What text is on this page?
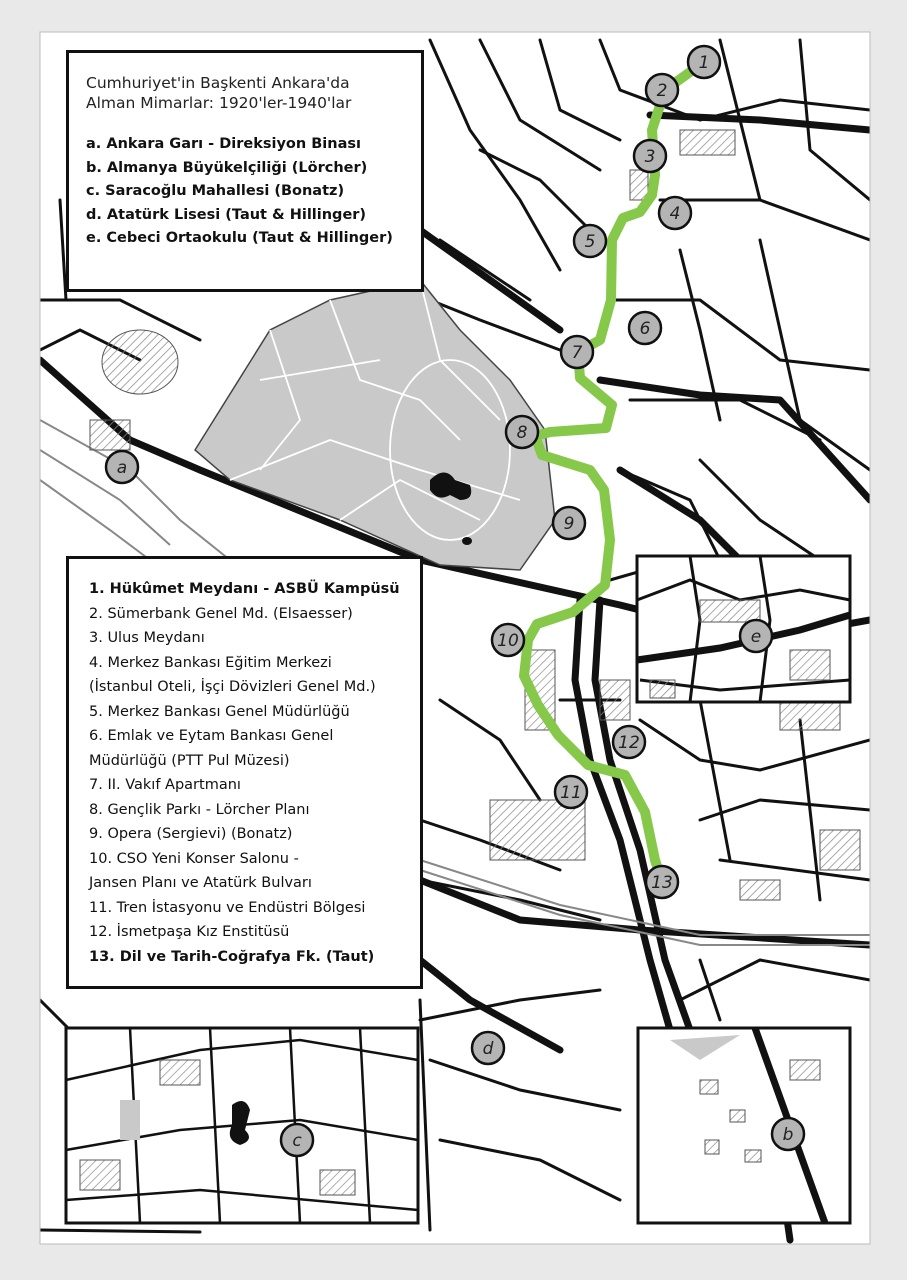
1
2
3
4
5
6
7
8
9
10
11
12
13
a
b
c
d
e
Cumhuriyet'in Başkenti Ankara'da
Alman Mimarlar: 1920'ler-1940'lar
a. Ankara Garı - Direksiyon Binası
b. Almanya Büyükelçiliği (Lörcher)
c. Saracoğlu Mahallesi (Bonatz)
d. Atatürk Lisesi (Taut & Hillinger)
e. Cebeci Ortaokulu (Taut & Hillinger)
1. Hükûmet Meydanı - ASBÜ Kampüsü
2. Sümerbank Genel Md. (Elsaesser)
3. Ulus Meydanı
4. Merkez Bankası Eğitim Merkezi
(İstanbul Oteli, İşçi Dövizleri Genel Md.)
5. Merkez Bankası Genel Müdürlüğü
6. Emlak ve Eytam Bankası Genel
Müdürlüğü (PTT Pul Müzesi)
7. II. Vakıf Apartmanı
8. Gençlik Parkı - Lörcher Planı
9. Opera (Sergievi) (Bonatz)
10. CSO Yeni Konser Salonu -
Jansen Planı ve Atatürk Bulvarı
11. Tren İstasyonu ve Endüstri Bölgesi
12. İsmetpaşa Kız Enstitüsü
13. Dil ve Tarih-Coğrafya Fk. (Taut)
